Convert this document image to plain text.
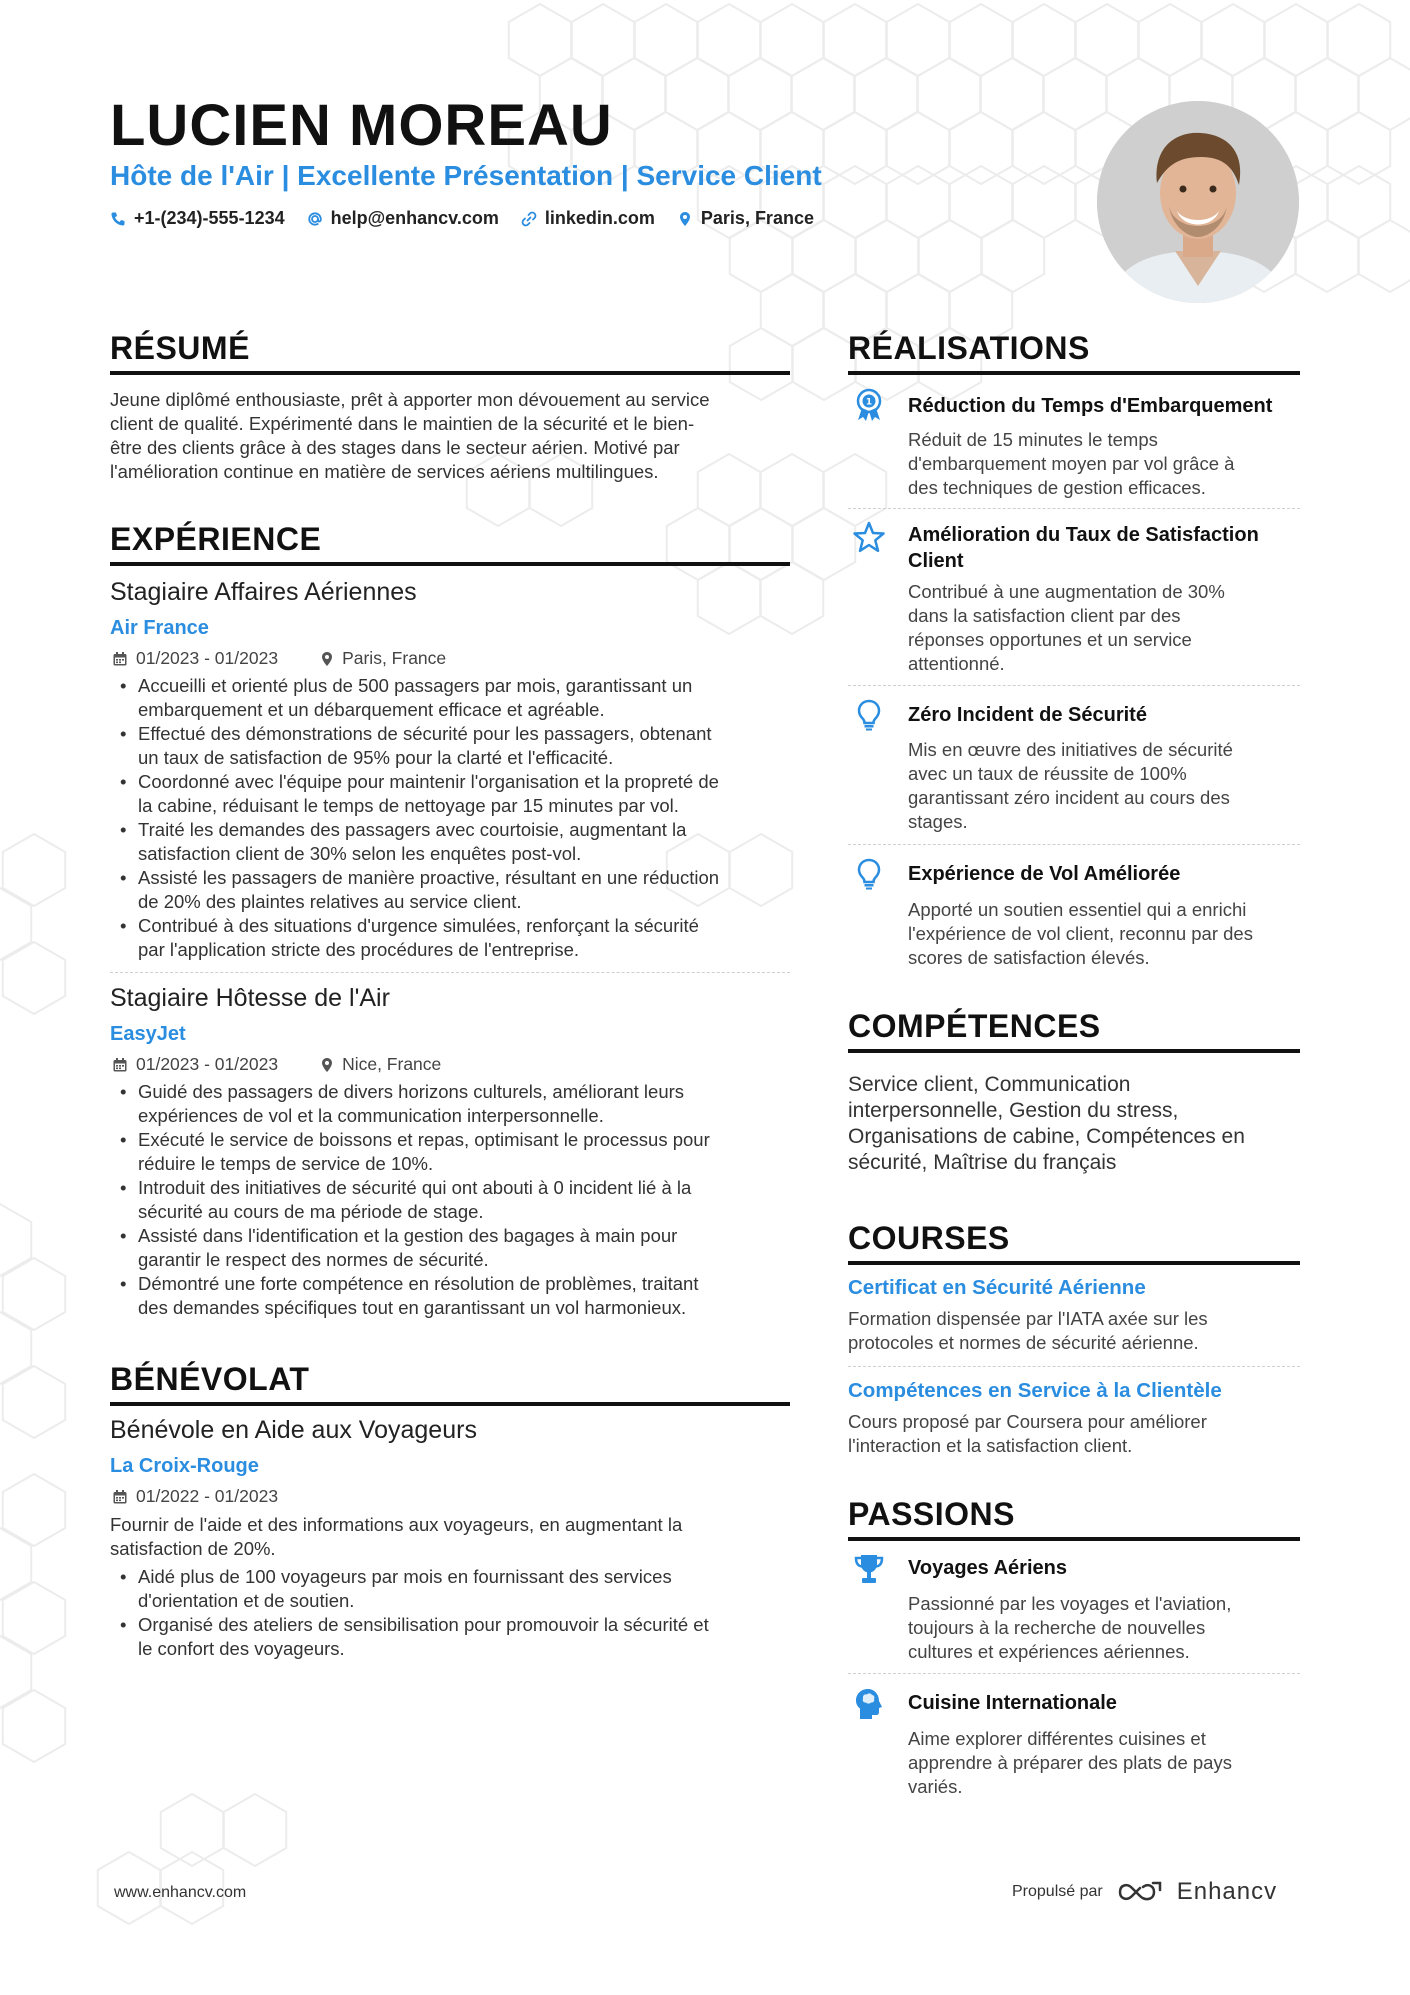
LUCIEN MOREAU
Hôte de l'Air | Excellente Présentation | Service Client
+1-(234)-555-1234	help@enhancv.com	linkedin.com	Paris, France
RÉSUMÉ
Jeune diplômé enthousiaste, prêt à apporter mon dévouement au service
client de qualité. Expérimenté dans le maintien de la sécurité et le bien-
être des clients grâce à des stages dans le secteur aérien. Motivé par
l'amélioration continue en matière de services aériens multilingues.
EXPÉRIENCE
Stagiaire Affaires Aériennes
Air France
01/2023 - 01/2023	Paris, France
• Accueilli et orienté plus de 500 passagers par mois, garantissant un
embarquement et un débarquement efficace et agréable.
• Effectué des démonstrations de sécurité pour les passagers, obtenant
un taux de satisfaction de 95% pour la clarté et l'efficacité.
• Coordonné avec l'équipe pour maintenir l'organisation et la propreté de
la cabine, réduisant le temps de nettoyage par 15 minutes par vol.
• Traité les demandes des passagers avec courtoisie, augmentant la
satisfaction client de 30% selon les enquêtes post-vol.
• Assisté les passagers de manière proactive, résultant en une réduction
de 20% des plaintes relatives au service client.
• Contribué à des situations d'urgence simulées, renforçant la sécurité
par l'application stricte des procédures de l'entreprise.
Stagiaire Hôtesse de l'Air
EasyJet
01/2023 - 01/2023	Nice, France
• Guidé des passagers de divers horizons culturels, améliorant leurs
expériences de vol et la communication interpersonnelle.
• Exécuté le service de boissons et repas, optimisant le processus pour
réduire le temps de service de 10%.
• Introduit des initiatives de sécurité qui ont abouti à 0 incident lié à la
sécurité au cours de ma période de stage.
• Assisté dans l'identification et la gestion des bagages à main pour
garantir le respect des normes de sécurité.
• Démontré une forte compétence en résolution de problèmes, traitant
des demandes spécifiques tout en garantissant un vol harmonieux.
BÉNÉVOLAT
Bénévole en Aide aux Voyageurs
La Croix-Rouge
01/2022 - 01/2023
Fournir de l'aide et des informations aux voyageurs, en augmentant la
satisfaction de 20%.
• Aidé plus de 100 voyageurs par mois en fournissant des services
d'orientation et de soutien.
• Organisé des ateliers de sensibilisation pour promouvoir la sécurité et
le confort des voyageurs.
RÉALISATIONS
1 Réduction du Temps d'Embarquement
Réduit de 15 minutes le temps
d'embarquement moyen par vol grâce à
des techniques de gestion efficaces.
Amélioration du Taux de Satisfaction
Client
Contribué à une augmentation de 30%
dans la satisfaction client par des
réponses opportunes et un service
attentionné.
Zéro Incident de Sécurité
Mis en œuvre des initiatives de sécurité
avec un taux de réussite de 100%
garantissant zéro incident au cours des
stages.
Expérience de Vol Améliorée
Apporté un soutien essentiel qui a enrichi
l'expérience de vol client, reconnu par des
scores de satisfaction élevés.
COMPÉTENCES
Service client, Communication
interpersonnelle, Gestion du stress,
Organisations de cabine, Compétences en
sécurité, Maîtrise du français
COURSES
Certificat en Sécurité Aérienne
Formation dispensée par l'IATA axée sur les
protocoles et normes de sécurité aérienne.
Compétences en Service à la Clientèle
Cours proposé par Coursera pour améliorer
l'interaction et la satisfaction client.
PASSIONS
Voyages Aériens
Passionné par les voyages et l'aviation,
toujours à la recherche de nouvelles
cultures et expériences aériennes.
Cuisine Internationale
Aime explorer différentes cuisines et
apprendre à préparer des plats de pays
variés.
www.enhancv.com	Propulsé par	Enhancv
